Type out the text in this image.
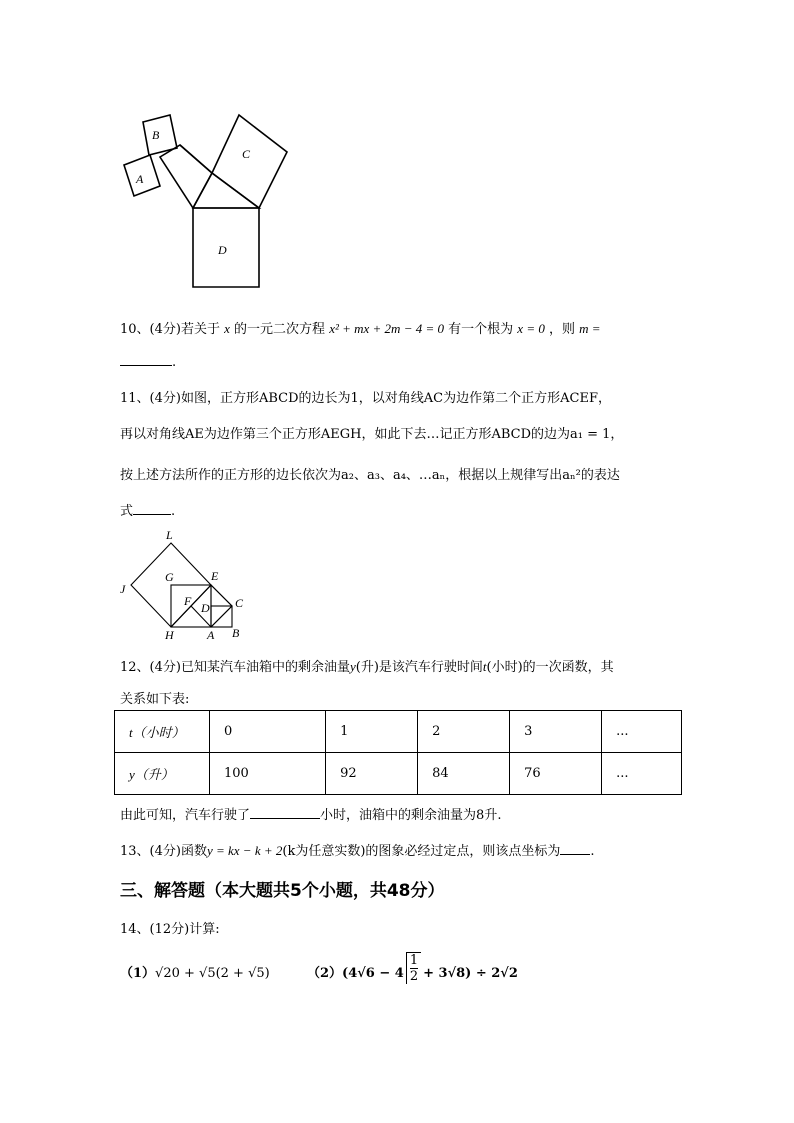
B
A
C
D
10、(4分)若关于 x 的一元二次方程 x² + mx + 2m − 4 = 0 有一个根为 x = 0 ，则 m =
.
11、(4分)如图，正方形ABCD的边长为1，以对角线AC为边作第二个正方形ACEF，
再以对角线AE为边作第三个正方形AEGH，如此下去…记正方形ABCD的边为a₁ = 1，
按上述方法所作的正方形的边长依次为a₂、a₃、a₄、…aₙ，根据以上规律写出aₙ²的表达
式	.
L
J
G	E
F D C
H	A B
12、(4分)已知某汽车油箱中的剩余油量y(升)是该汽车行驶时间t(小时)的一次函数，其
关系如下表:
t（小时）	0	1	2	3	...
y（升）	100	92	84	76	...
由此可知，汽车行驶了	小时，油箱中的剩余油量为8升.
13、(4分)函数y = kx − k + 2(k为任意实数)的图象必经过定点，则该点坐标为 .
三、解答题（本大题共5个小题，共48分）
14、(12分)计算:
（1）√20 + √5(2 + √5)	$(2)(4√6 - 4 \frac{1}{2} + 3√8) \div 2√2$
